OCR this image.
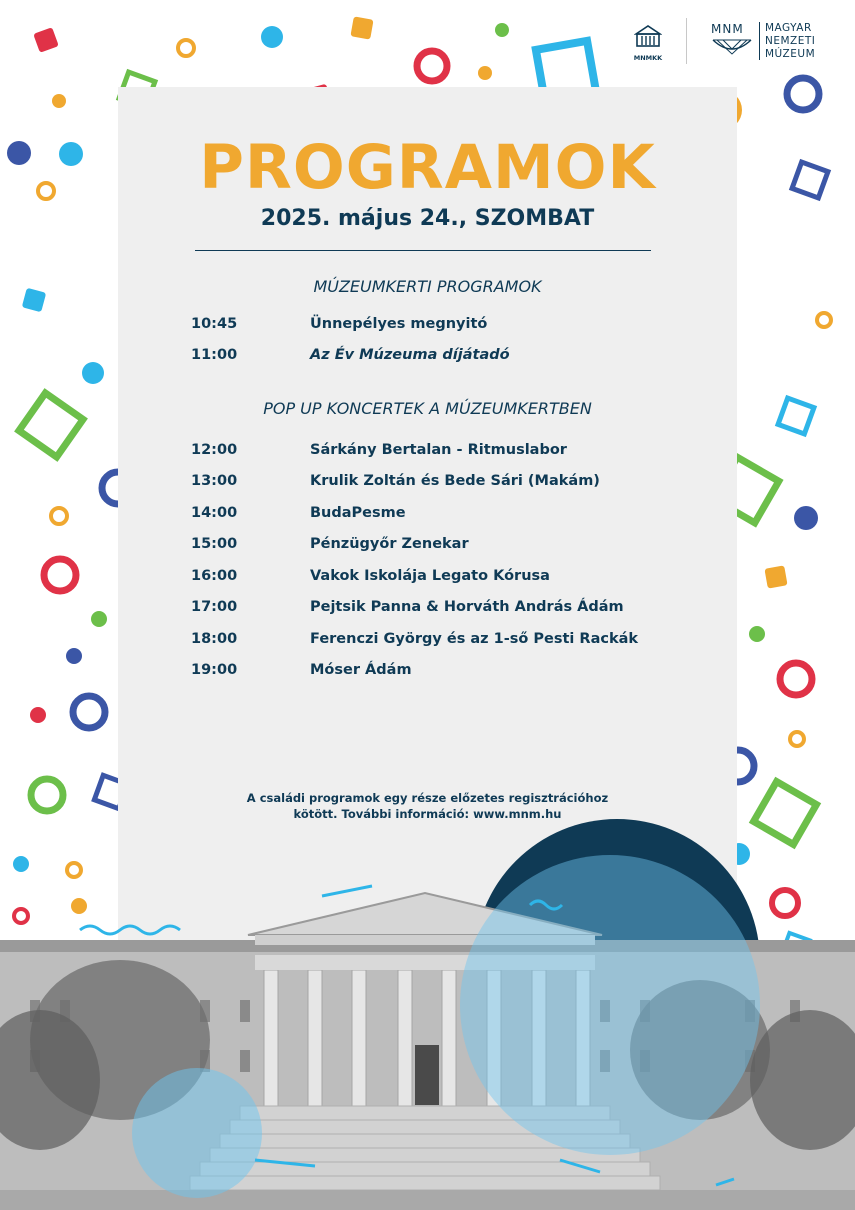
MNMKK
MNM MAGYAR
NEMZETI
MÚZEUM
PROGRAMOK
2025. május 24., SZOMBAT
MÚZEUMKERTI PROGRAMOK
10:45	Ünnepélyes megnyitó
11:00	Az Év Múzeuma díjátadó
POP UP KONCERTEK A MÚZEUMKERTBEN
12:00	Sárkány Bertalan - Ritmuslabor
13:00	Krulik Zoltán és Bede Sári (Makám)
14:00	BudaPesme
15:00	Pénzügyőr Zenekar
16:00	Vakok Iskolája Legato Kórusa
17:00	Pejtsik Panna & Horváth András Ádám
18:00	Ferenczi György és az 1-ső Pesti Rackák
19:00	Móser Ádám
A családi programok egy része előzetes regisztrációhoz
kötött. További információ: www.mnm.hu
